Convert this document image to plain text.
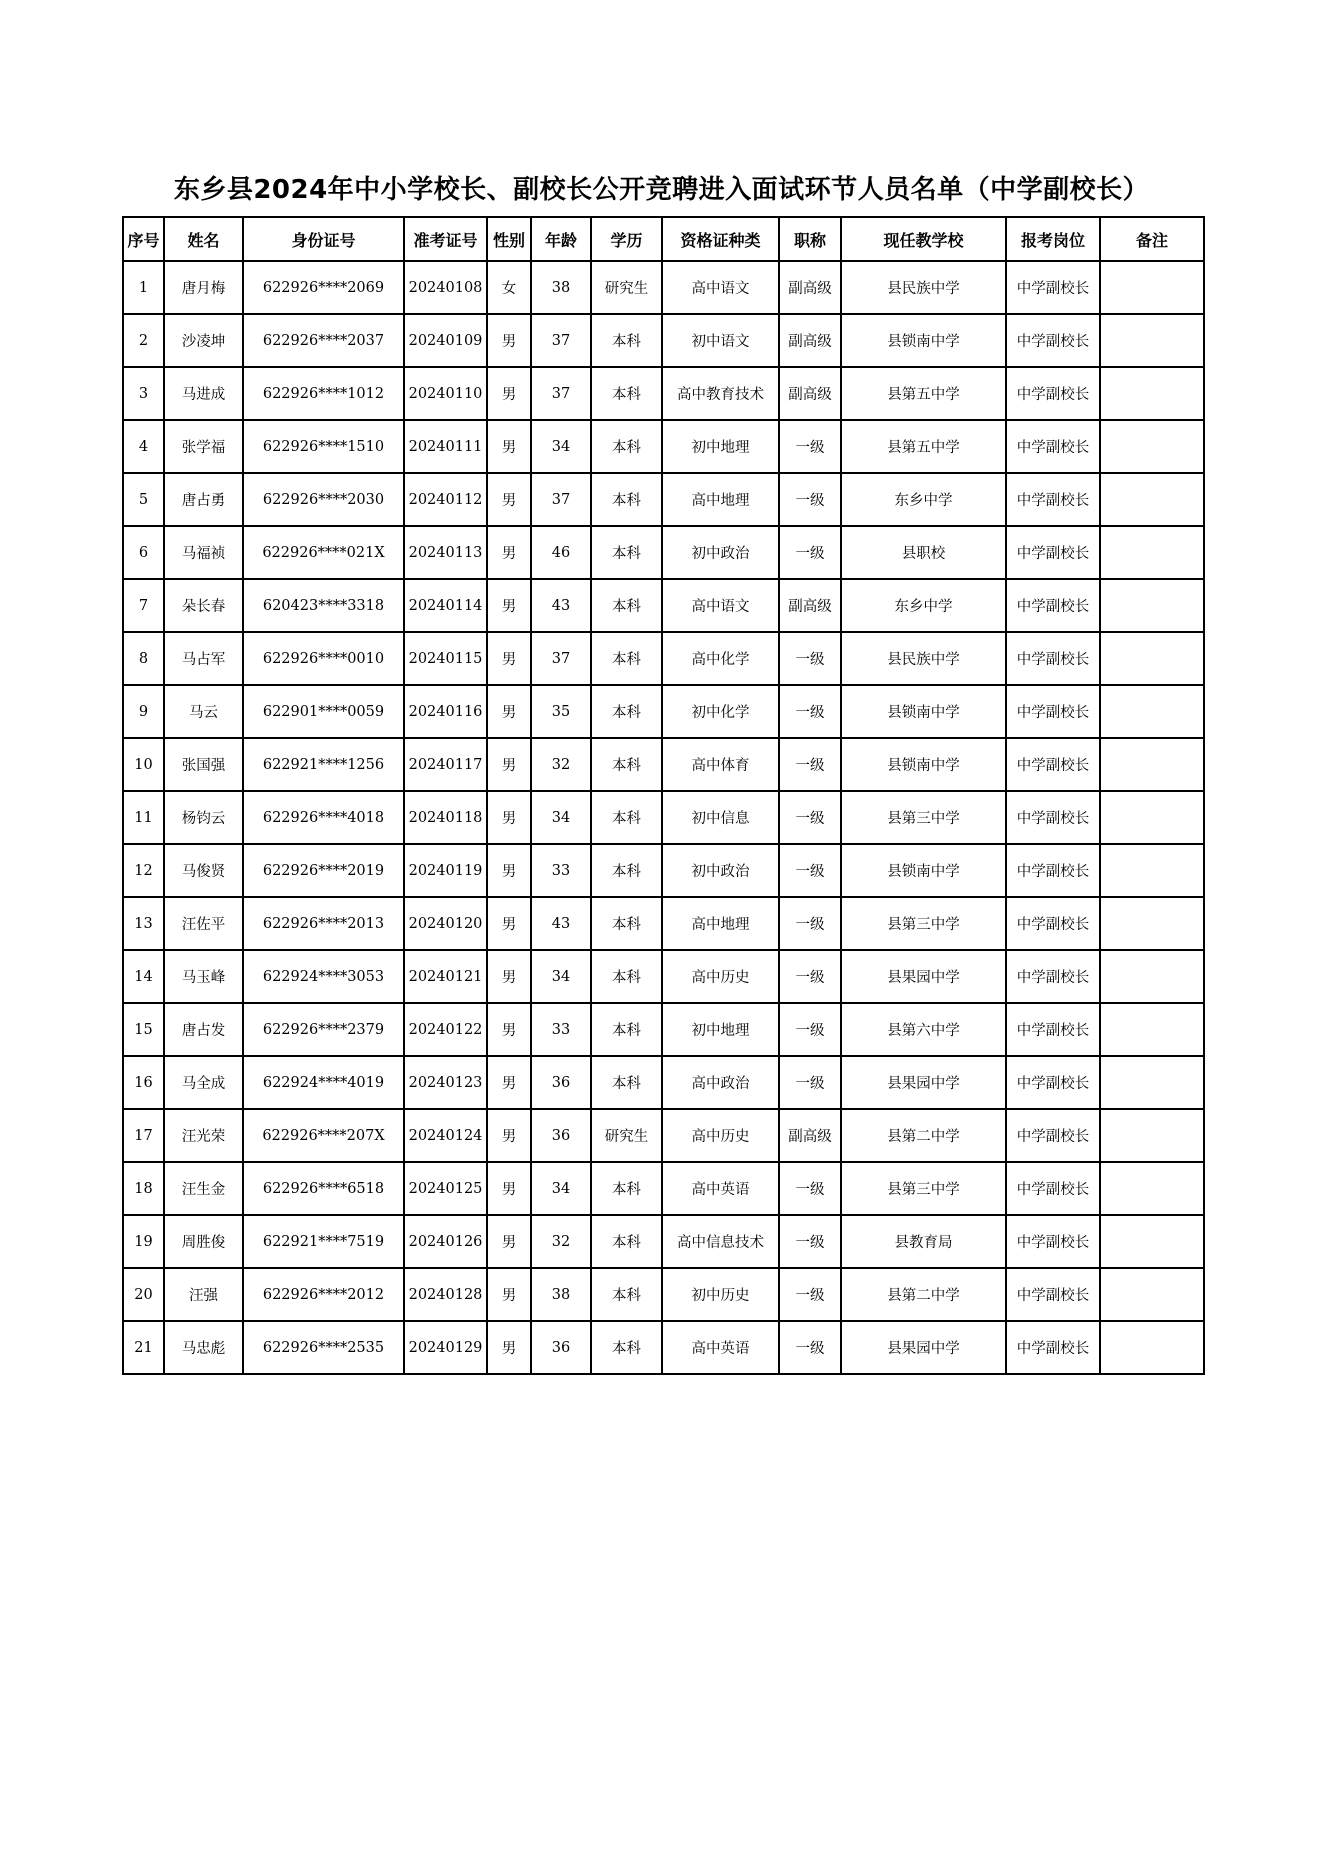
东乡县2024年中小学校长、副校长公开竞聘进入面试环节人员名单（中学副校长）
序号	姓名	身份证号	准考证号	性别	年龄	学历	资格证种类	职称	现任教学校	报考岗位	备注
1	唐月梅	622926****2069	20240108	女	38	研究生	高中语文	副高级	县民族中学	中学副校长	
2	沙凌坤	622926****2037	20240109	男	37	本科	初中语文	副高级	县锁南中学	中学副校长	
3	马进成	622926****1012	20240110	男	37	本科	高中教育技术	副高级	县第五中学	中学副校长	
4	张学福	622926****1510	20240111	男	34	本科	初中地理	一级	县第五中学	中学副校长	
5	唐占勇	622926****2030	20240112	男	37	本科	高中地理	一级	东乡中学	中学副校长	
6	马福祯	622926****021X	20240113	男	46	本科	初中政治	一级	县职校	中学副校长	
7	朵长春	620423****3318	20240114	男	43	本科	高中语文	副高级	东乡中学	中学副校长	
8	马占军	622926****0010	20240115	男	37	本科	高中化学	一级	县民族中学	中学副校长	
9	马云	622901****0059	20240116	男	35	本科	初中化学	一级	县锁南中学	中学副校长	
10	张国强	622921****1256	20240117	男	32	本科	高中体育	一级	县锁南中学	中学副校长	
11	杨钧云	622926****4018	20240118	男	34	本科	初中信息	一级	县第三中学	中学副校长	
12	马俊贤	622926****2019	20240119	男	33	本科	初中政治	一级	县锁南中学	中学副校长	
13	汪佐平	622926****2013	20240120	男	43	本科	高中地理	一级	县第三中学	中学副校长	
14	马玉峰	622924****3053	20240121	男	34	本科	高中历史	一级	县果园中学	中学副校长	
15	唐占发	622926****2379	20240122	男	33	本科	初中地理	一级	县第六中学	中学副校长	
16	马全成	622924****4019	20240123	男	36	本科	高中政治	一级	县果园中学	中学副校长	
17	汪光荣	622926****207X	20240124	男	36	研究生	高中历史	副高级	县第二中学	中学副校长	
18	汪生金	622926****6518	20240125	男	34	本科	高中英语	一级	县第三中学	中学副校长	
19	周胜俊	622921****7519	20240126	男	32	本科	高中信息技术	一级	县教育局	中学副校长	
20	汪强	622926****2012	20240128	男	38	本科	初中历史	一级	县第二中学	中学副校长	
21	马忠彪	622926****2535	20240129	男	36	本科	高中英语	一级	县果园中学	中学副校长	
